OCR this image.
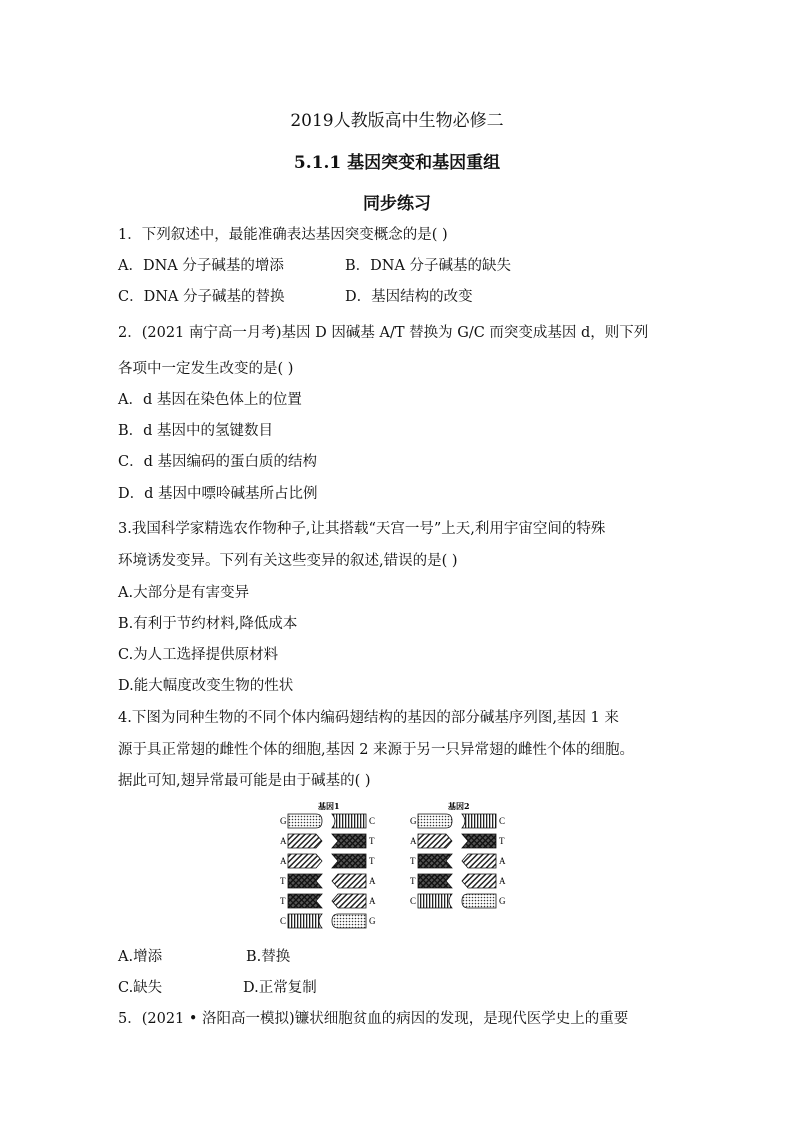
2019人教版高中生物必修二
5.1.1 基因突变和基因重组
同步练习
1．下列叙述中，最能准确表达基因突变概念的是( )
A．DNA 分子碱基的增添	B．DNA 分子碱基的缺失
C．DNA 分子碱基的替换	D．基因结构的改变
2．(2021 南宁高一月考)基因 D 因碱基 A/T 替换为 G/C 而突变成基因 d，则下列
各项中一定发生改变的是( )
A．d 基因在染色体上的位置
B．d 基因中的氢键数目
C．d 基因编码的蛋白质的结构
D．d 基因中嘌呤碱基所占比例
3.我国科学家精选农作物种子,让其搭载“天宫一号”上天,利用宇宙空间的特殊
环境诱发变异。下列有关这些变异的叙述,错误的是( )
A.大部分是有害变异
B.有利于节约材料,降低成本
C.为人工选择提供原材料
D.能大幅度改变生物的性状
4.下图为同种生物的不同个体内编码翅结构的基因的部分碱基序列图,基因 1 来
源于具正常翅的雌性个体的细胞,基因 2 来源于另一只异常翅的雌性个体的细胞。
据此可知,翅异常最可能是由于碱基的( )
基因1	基因2
G	C
A	T
A	T
T	A
T	A
C	G
G	C
A	T
T	A
T	A
C	G
A.增添	B.替换
C.缺失	D.正常复制
5．(2021 • 洛阳高一模拟)镰状细胞贫血的病因的发现，是现代医学史上的重要
